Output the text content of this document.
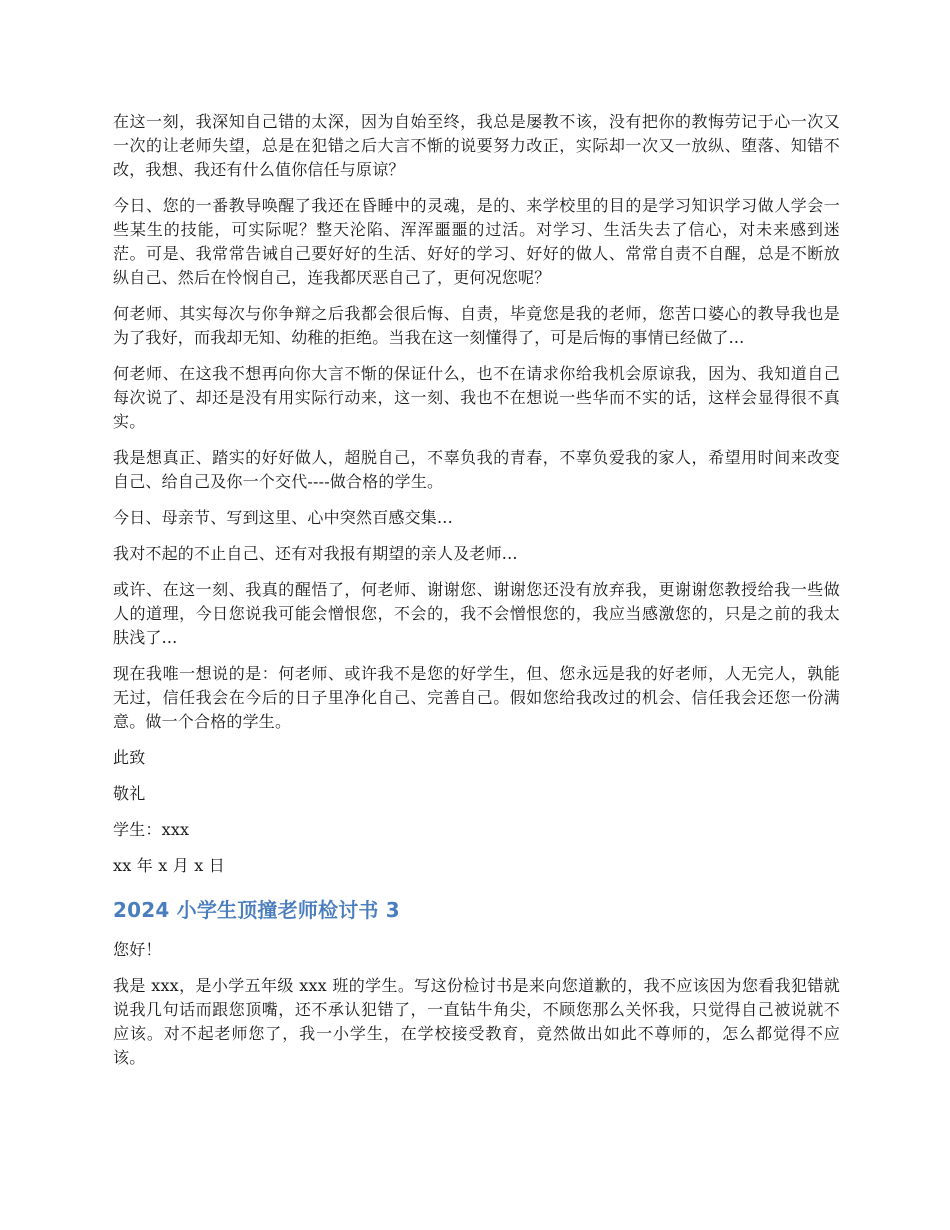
在这一刻，我深知自己错的太深，因为自始至终，我总是屡教不该，没有把你的教悔劳记于心一次又一次的让老师失望，总是在犯错之后大言不惭的说要努力改正，实际却一次又一放纵、堕落、知错不改，我想、我还有什么值你信任与原谅？

今日、您的一番教导唤醒了我还在昏睡中的灵魂，是的、来学校里的目的是学习知识学习做人学会一些某生的技能，可实际呢？整天沦陷、浑浑噩噩的过活。对学习、生活失去了信心，对未来感到迷茫。可是、我常常告诫自己要好好的生活、好好的学习、好好的做人、常常自责不自醒，总是不断放纵自己、然后在怜悯自己，连我都厌恶自己了，更何况您呢？

何老师、其实每次与你争辩之后我都会很后悔、自责，毕竟您是我的老师，您苦口婆心的教导我也是为了我好，而我却无知、幼稚的拒绝。当我在这一刻懂得了，可是后悔的事情已经做了...

何老师、在这我不想再向你大言不惭的保证什么，也不在请求你给我机会原谅我，因为、我知道自己每次说了、却还是没有用实际行动来，这一刻、我也不在想说一些华而不实的话，这样会显得很不真实。

我是想真正、踏实的好好做人，超脱自己，不辜负我的青春，不辜负爱我的家人，希望用时间来改变自己、给自己及你一个交代----做合格的学生。

今日、母亲节、写到这里、心中突然百感交集...

我对不起的不止自己、还有对我报有期望的亲人及老师...

或许、在这一刻、我真的醒悟了，何老师、谢谢您、谢谢您还没有放弃我，更谢谢您教授给我一些做人的道理，今日您说我可能会憎恨您，不会的，我不会憎恨您的，我应当感激您的，只是之前的我太肤浅了...

现在我唯一想说的是：何老师、或许我不是您的好学生，但、您永远是我的好老师，人无完人，孰能无过，信任我会在今后的日子里净化自己、完善自己。假如您给我改过的机会、信任我会还您一份满意。做一个合格的学生。

此致

敬礼

学生：xxx

xx 年 x 月 x 日

2024 小学生顶撞老师检讨书 3

您好！

我是 xxx，是小学五年级 xxx 班的学生。写这份检讨书是来向您道歉的，我不应该因为您看我犯错就说我几句话而跟您顶嘴，还不承认犯错了，一直钻牛角尖，不顾您那么关怀我，只觉得自己被说就不应该。对不起老师您了，我一小学生，在学校接受教育，竟然做出如此不尊师的，怎么都觉得不应该。
